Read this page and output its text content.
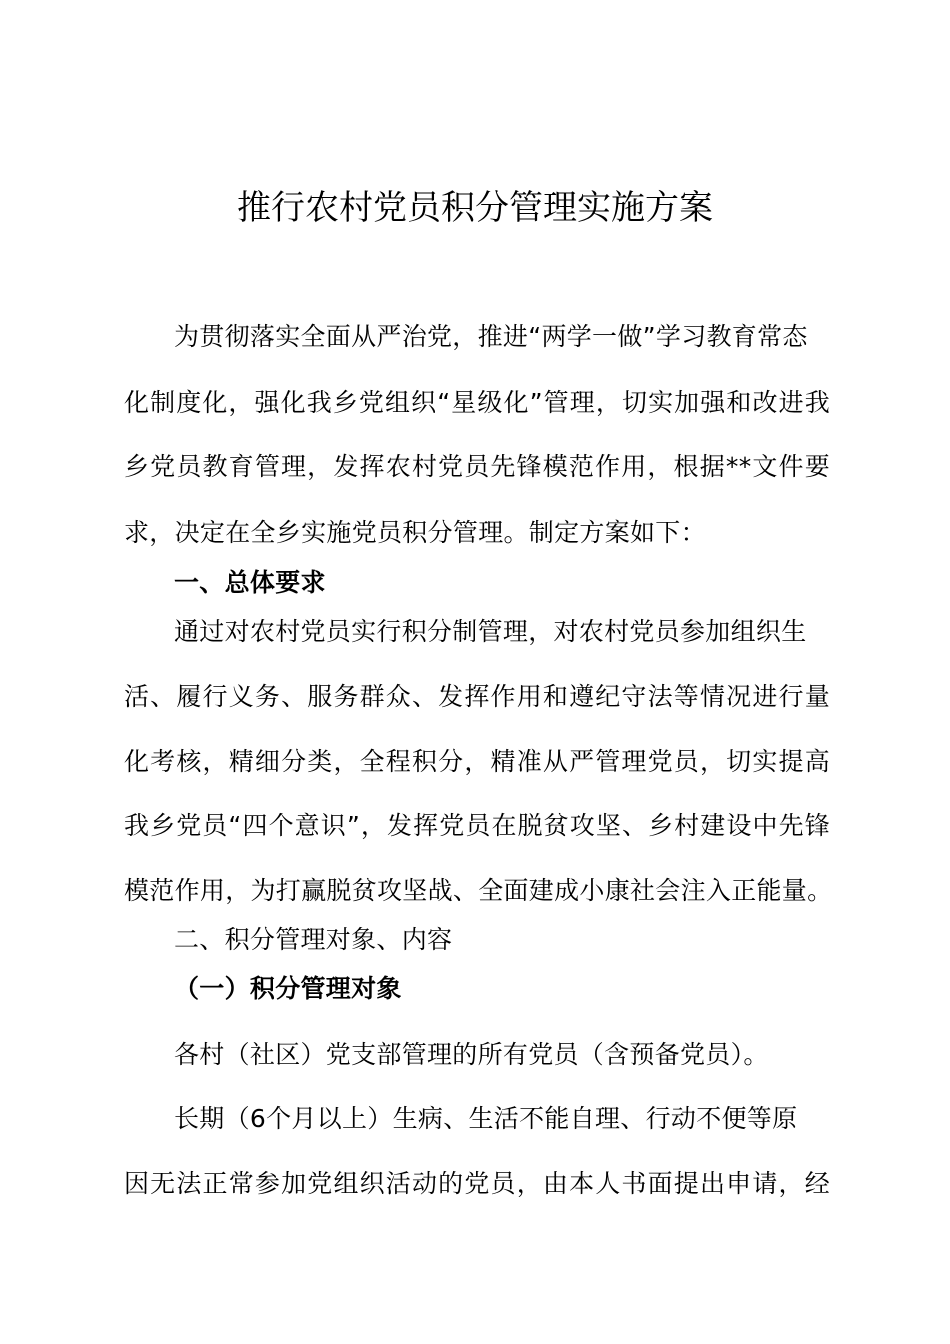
推行农村党员积分管理实施方案
为贯彻落实全面从严治党，推进“两学一做”学习教育常态
化制度化，强化我乡党组织“星级化”管理，切实加强和改进我
乡党员教育管理，发挥农村党员先锋模范作用，根据**文件要
求，决定在全乡实施党员积分管理。制定方案如下：
一、总体要求
通过对农村党员实行积分制管理，对农村党员参加组织生
活、履行义务、服务群众、发挥作用和遵纪守法等情况进行量
化考核，精细分类，全程积分，精准从严管理党员，切实提高
我乡党员“四个意识”，发挥党员在脱贫攻坚、乡村建设中先锋
模范作用，为打赢脱贫攻坚战、全面建成小康社会注入正能量。
二、积分管理对象、内容
（一）积分管理对象
各村（社区）党支部管理的所有党员（含预备党员）。
长期（6个月以上）生病、生活不能自理、行动不便等原
因无法正常参加党组织活动的党员，由本人书面提出申请，经
